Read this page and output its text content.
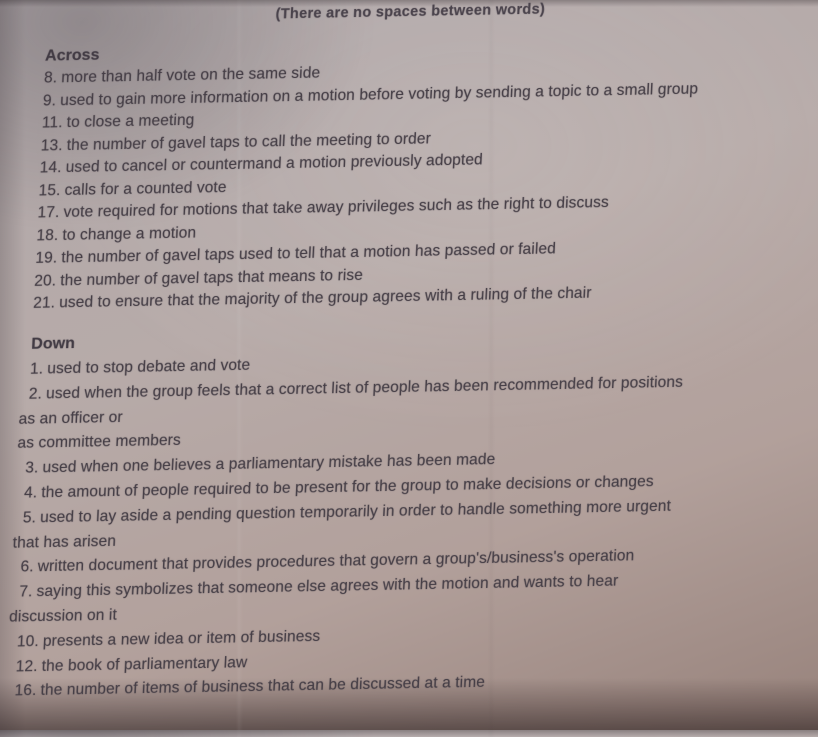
(There are no spaces between words)
Across
8. more than half vote on the same side
9. used to gain more information on a motion before voting by sending a topic to a small group
11. to close a meeting
13. the number of gavel taps to call the meeting to order
14. used to cancel or countermand a motion previously adopted
15. calls for a counted vote
17. vote required for motions that take away privileges such as the right to discuss
18. to change a motion
19. the number of gavel taps used to tell that a motion has passed or failed
20. the number of gavel taps that means to rise
21. used to ensure that the majority of the group agrees with a ruling of the chair
Down
1. used to stop debate and vote
2. used when the group feels that a correct list of people has been recommended for positions
as an officer or
as committee members
3. used when one believes a parliamentary mistake has been made
4. the amount of people required to be present for the group to make decisions or changes
5. used to lay aside a pending question temporarily in order to handle something more urgent
that has arisen
6. written document that provides procedures that govern a group's/business's operation
7. saying this symbolizes that someone else agrees with the motion and wants to hear
discussion on it
10. presents a new idea or item of business
12. the book of parliamentary law
16. the number of items of business that can be discussed at a time
